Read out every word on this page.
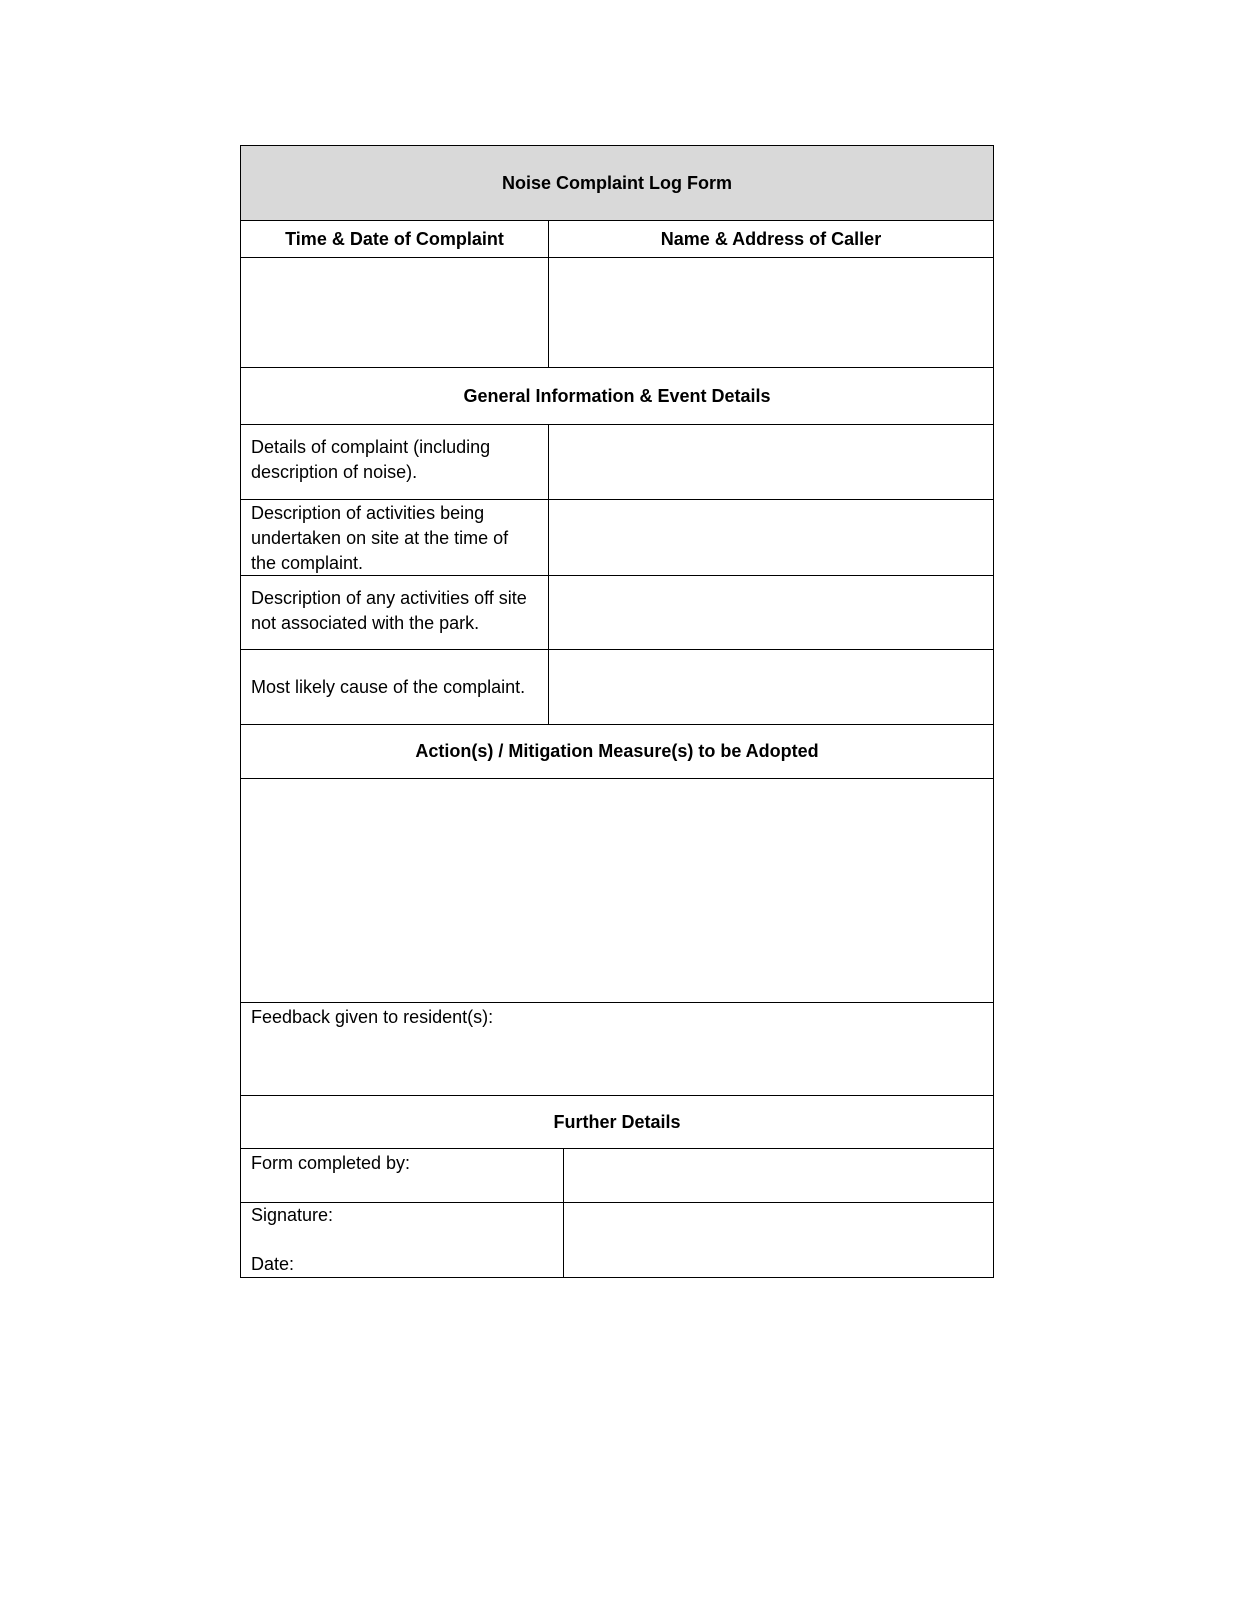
Noise Complaint Log Form
Time & Date of Complaint	Name & Address of Caller
General Information & Event Details
Details of complaint (including description of noise).
Description of activities being undertaken on site at the time of the complaint.
Description of any activities off site not associated with the park.
Most likely cause of the complaint.
Action(s) / Mitigation Measure(s) to be Adopted
Feedback given to resident(s):
Further Details
Form completed by:
Signature:
Date:
